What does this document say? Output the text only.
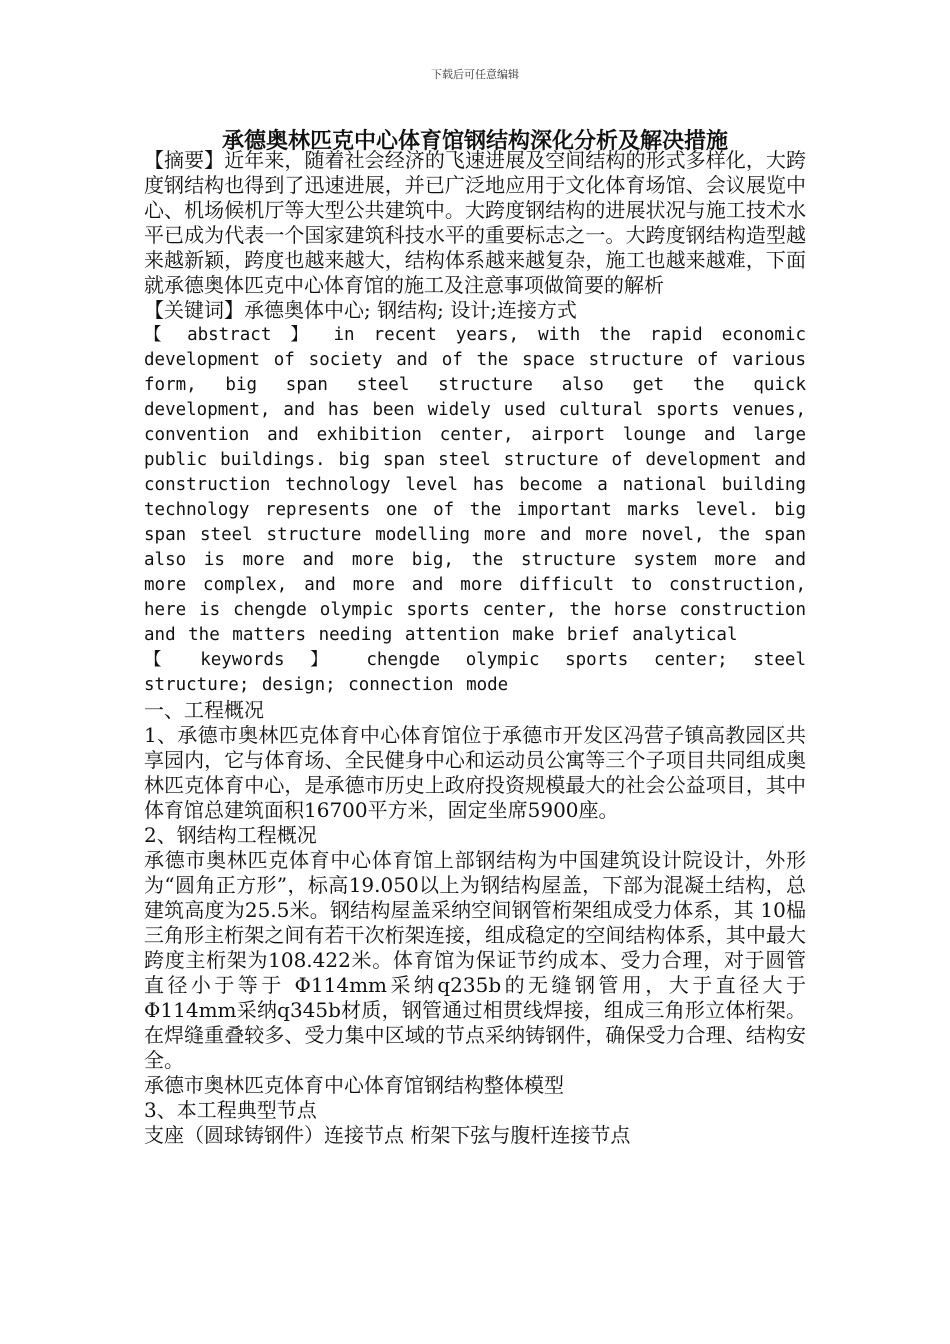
下载后可任意编辑
承德奥林匹克中心体育馆钢结构深化分析及解决措施

【摘要】近年来，随着社会经济的飞速进展及空间结构的形式多样化，大跨度钢结构也得到了迅速进展，并已广泛地应用于文化体育场馆、会议展览中心、机场候机厅等大型公共建筑中。大跨度钢结构的进展状况与施工技术水平已成为代表一个国家建筑科技水平的重要标志之一。大跨度钢结构造型越来越新颖，跨度也越来越大，结构体系越来越复杂，施工也越来越难，下面就承德奥体匹克中心体育馆的施工及注意事项做简要的解析

【关键词】承德奥体中心; 钢结构; 设计;连接方式

【 abstract 】 in recent years, with the rapid economic development of society and of the space structure of various form, big span steel structure also get the quick development, and has been widely used cultural sports venues, convention and exhibition center, airport lounge and large public buildings. big span steel structure of development and construction technology level has become a national building technology represents one of the important marks level. big span steel structure modelling more and more novel, the span also is more and more big, the structure system more and more complex, and more and more difficult to construction, here is chengde olympic sports center, the horse construction and the matters needing attention make brief analytical

【 keywords 】 chengde olympic sports center; steel structure; design; connection mode

一、工程概况

1、承德市奥林匹克体育中心体育馆位于承德市开发区冯营子镇高教园区共享园内，它与体育场、全民健身中心和运动员公寓等三个子项目共同组成奥林匹克体育中心，是承德市历史上政府投资规模最大的社会公益项目，其中体育馆总建筑面积16700平方米，固定坐席5900座。

2、钢结构工程概况

承德市奥林匹克体育中心体育馆上部钢结构为中国建筑设计院设计，外形为“圆角正方形”，标高19.050以上为钢结构屋盖，下部为混凝土结构，总建筑高度为25.5米。钢结构屋盖采纳空间钢管桁架组成受力体系，其 10榀三角形主桁架之间有若干次桁架连接，组成稳定的空间结构体系，其中最大跨度主桁架为108.422米。体育馆为保证节约成本、受力合理，对于圆管直径小于等于 Φ114mm采纳q235b的无缝钢管用，大于直径大于 Φ114mm采纳q345b材质，钢管通过相贯线焊接，组成三角形立体桁架。在焊缝重叠较多、受力集中区域的节点采纳铸钢件，确保受力合理、结构安全。

承德市奥林匹克体育中心体育馆钢结构整体模型

3、本工程典型节点

支座（圆球铸钢件）连接节点 桁架下弦与腹杆连接节点
